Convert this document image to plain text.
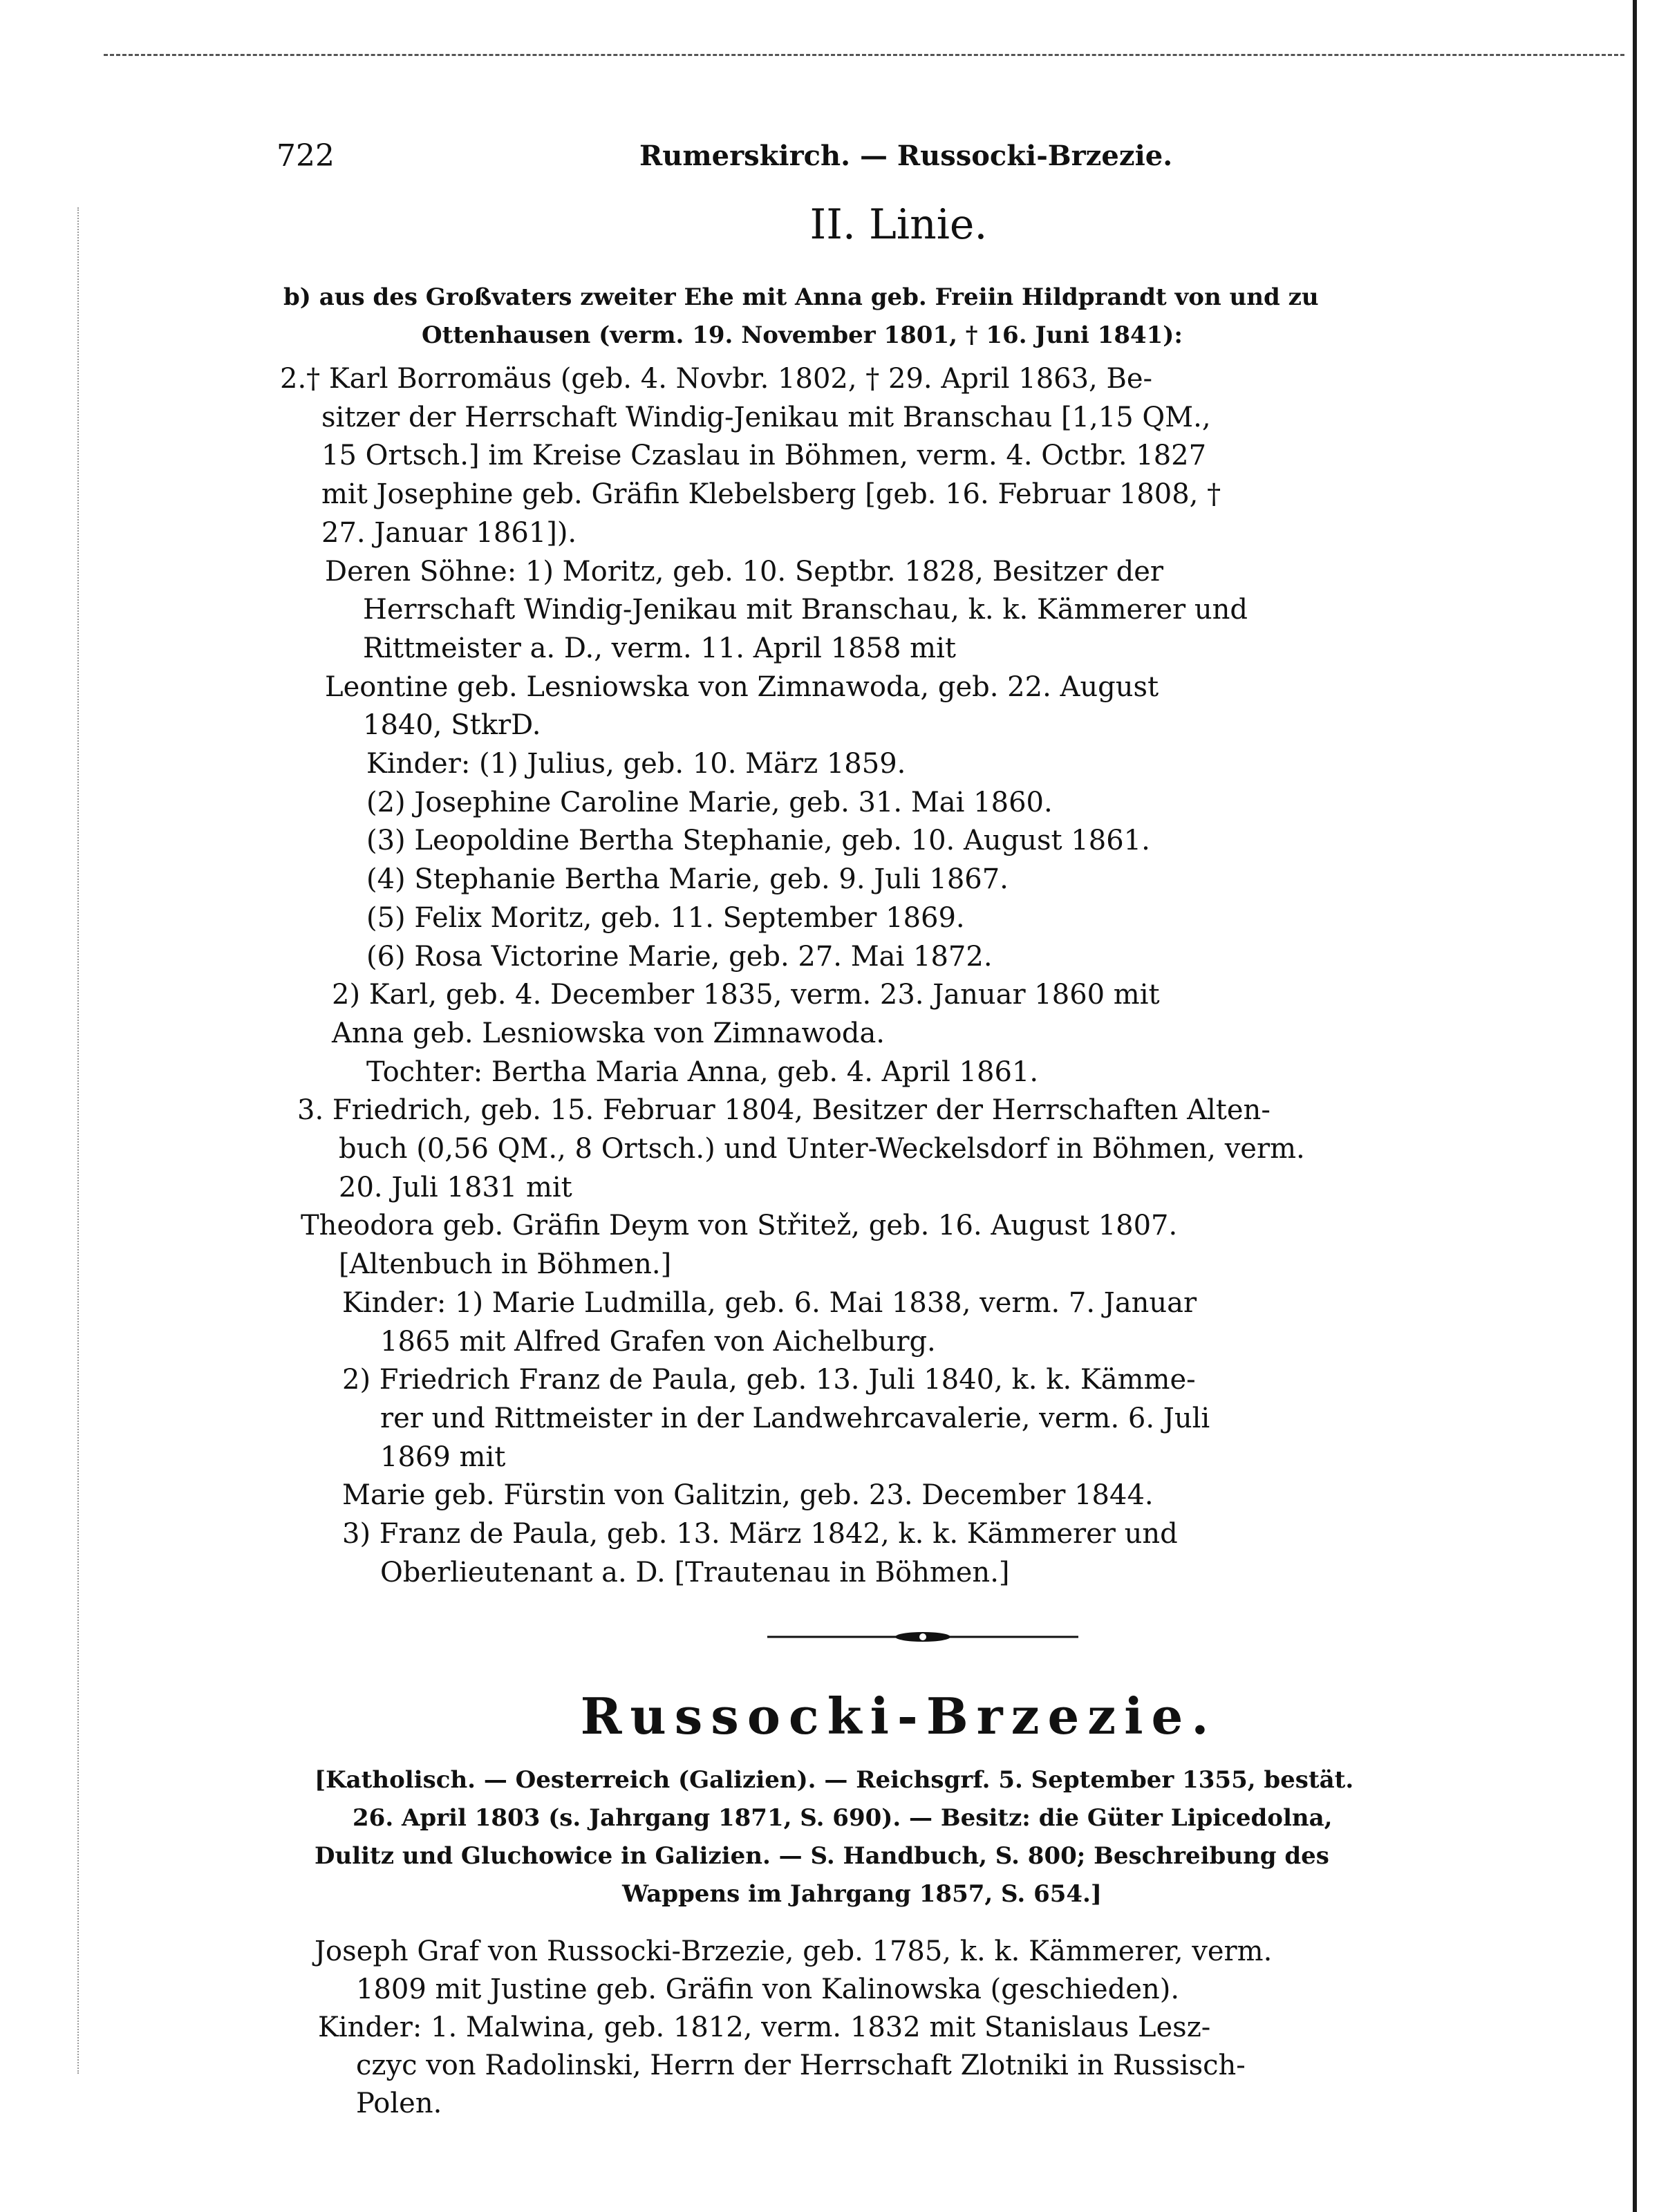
722	Rumerskirch. — Russocki-Brzezie.
II. Linie.
b) aus des Großvaters zweiter Ehe mit Anna geb. Freiin Hildprandt von und zu
Ottenhausen (verm. 19. November 1801, † 16. Juni 1841):
2.† Karl Borromäus (geb. 4. Novbr. 1802, † 29. April 1863, Be-
sitzer der Herrschaft Windig-Jenikau mit Branschau [1,15 QM.,
15 Ortsch.] im Kreise Czaslau in Böhmen, verm. 4. Octbr. 1827
mit Josephine geb. Gräfin Klebelsberg [geb. 16. Februar 1808, †
27. Januar 1861]).
Deren Söhne: 1) Moritz, geb. 10. Septbr. 1828, Besitzer der
Herrschaft Windig-Jenikau mit Branschau, k. k. Kämmerer und
Rittmeister a. D., verm. 11. April 1858 mit
Leontine geb. Lesniowska von Zimnawoda, geb. 22. August
1840, StkrD.
Kinder: (1) Julius, geb. 10. März 1859.
(2) Josephine Caroline Marie, geb. 31. Mai 1860.
(3) Leopoldine Bertha Stephanie, geb. 10. August 1861.
(4) Stephanie Bertha Marie, geb. 9. Juli 1867.
(5) Felix Moritz, geb. 11. September 1869.
(6) Rosa Victorine Marie, geb. 27. Mai 1872.
2) Karl, geb. 4. December 1835, verm. 23. Januar 1860 mit
Anna geb. Lesniowska von Zimnawoda.
Tochter: Bertha Maria Anna, geb. 4. April 1861.
3. Friedrich, geb. 15. Februar 1804, Besitzer der Herrschaften Alten-
buch (0,56 QM., 8 Ortsch.) und Unter-Weckelsdorf in Böhmen, verm.
20. Juli 1831 mit
Theodora geb. Gräfin Deym von Střitež, geb. 16. August 1807.
[Altenbuch in Böhmen.]
Kinder: 1) Marie Ludmilla, geb. 6. Mai 1838, verm. 7. Januar
1865 mit Alfred Grafen von Aichelburg.
2) Friedrich Franz de Paula, geb. 13. Juli 1840, k. k. Kämme-
rer und Rittmeister in der Landwehrcavalerie, verm. 6. Juli
1869 mit
Marie geb. Fürstin von Galitzin, geb. 23. December 1844.
3) Franz de Paula, geb. 13. März 1842, k. k. Kämmerer und
Oberlieutenant a. D. [Trautenau in Böhmen.]
Russocki-Brzezie.
[Katholisch. — Oesterreich (Galizien). — Reichsgrf. 5. September 1355, bestät.
26. April 1803 (s. Jahrgang 1871, S. 690). — Besitz: die Güter Lipicedolna,
Dulitz und Gluchowice in Galizien. — S. Handbuch, S. 800; Beschreibung des
Wappens im Jahrgang 1857, S. 654.]
Joseph Graf von Russocki-Brzezie, geb. 1785, k. k. Kämmerer, verm.
1809 mit Justine geb. Gräfin von Kalinowska (geschieden).
Kinder: 1. Malwina, geb. 1812, verm. 1832 mit Stanislaus Lesz-
czyc von Radolinski, Herrn der Herrschaft Zlotniki in Russisch-
Polen.
